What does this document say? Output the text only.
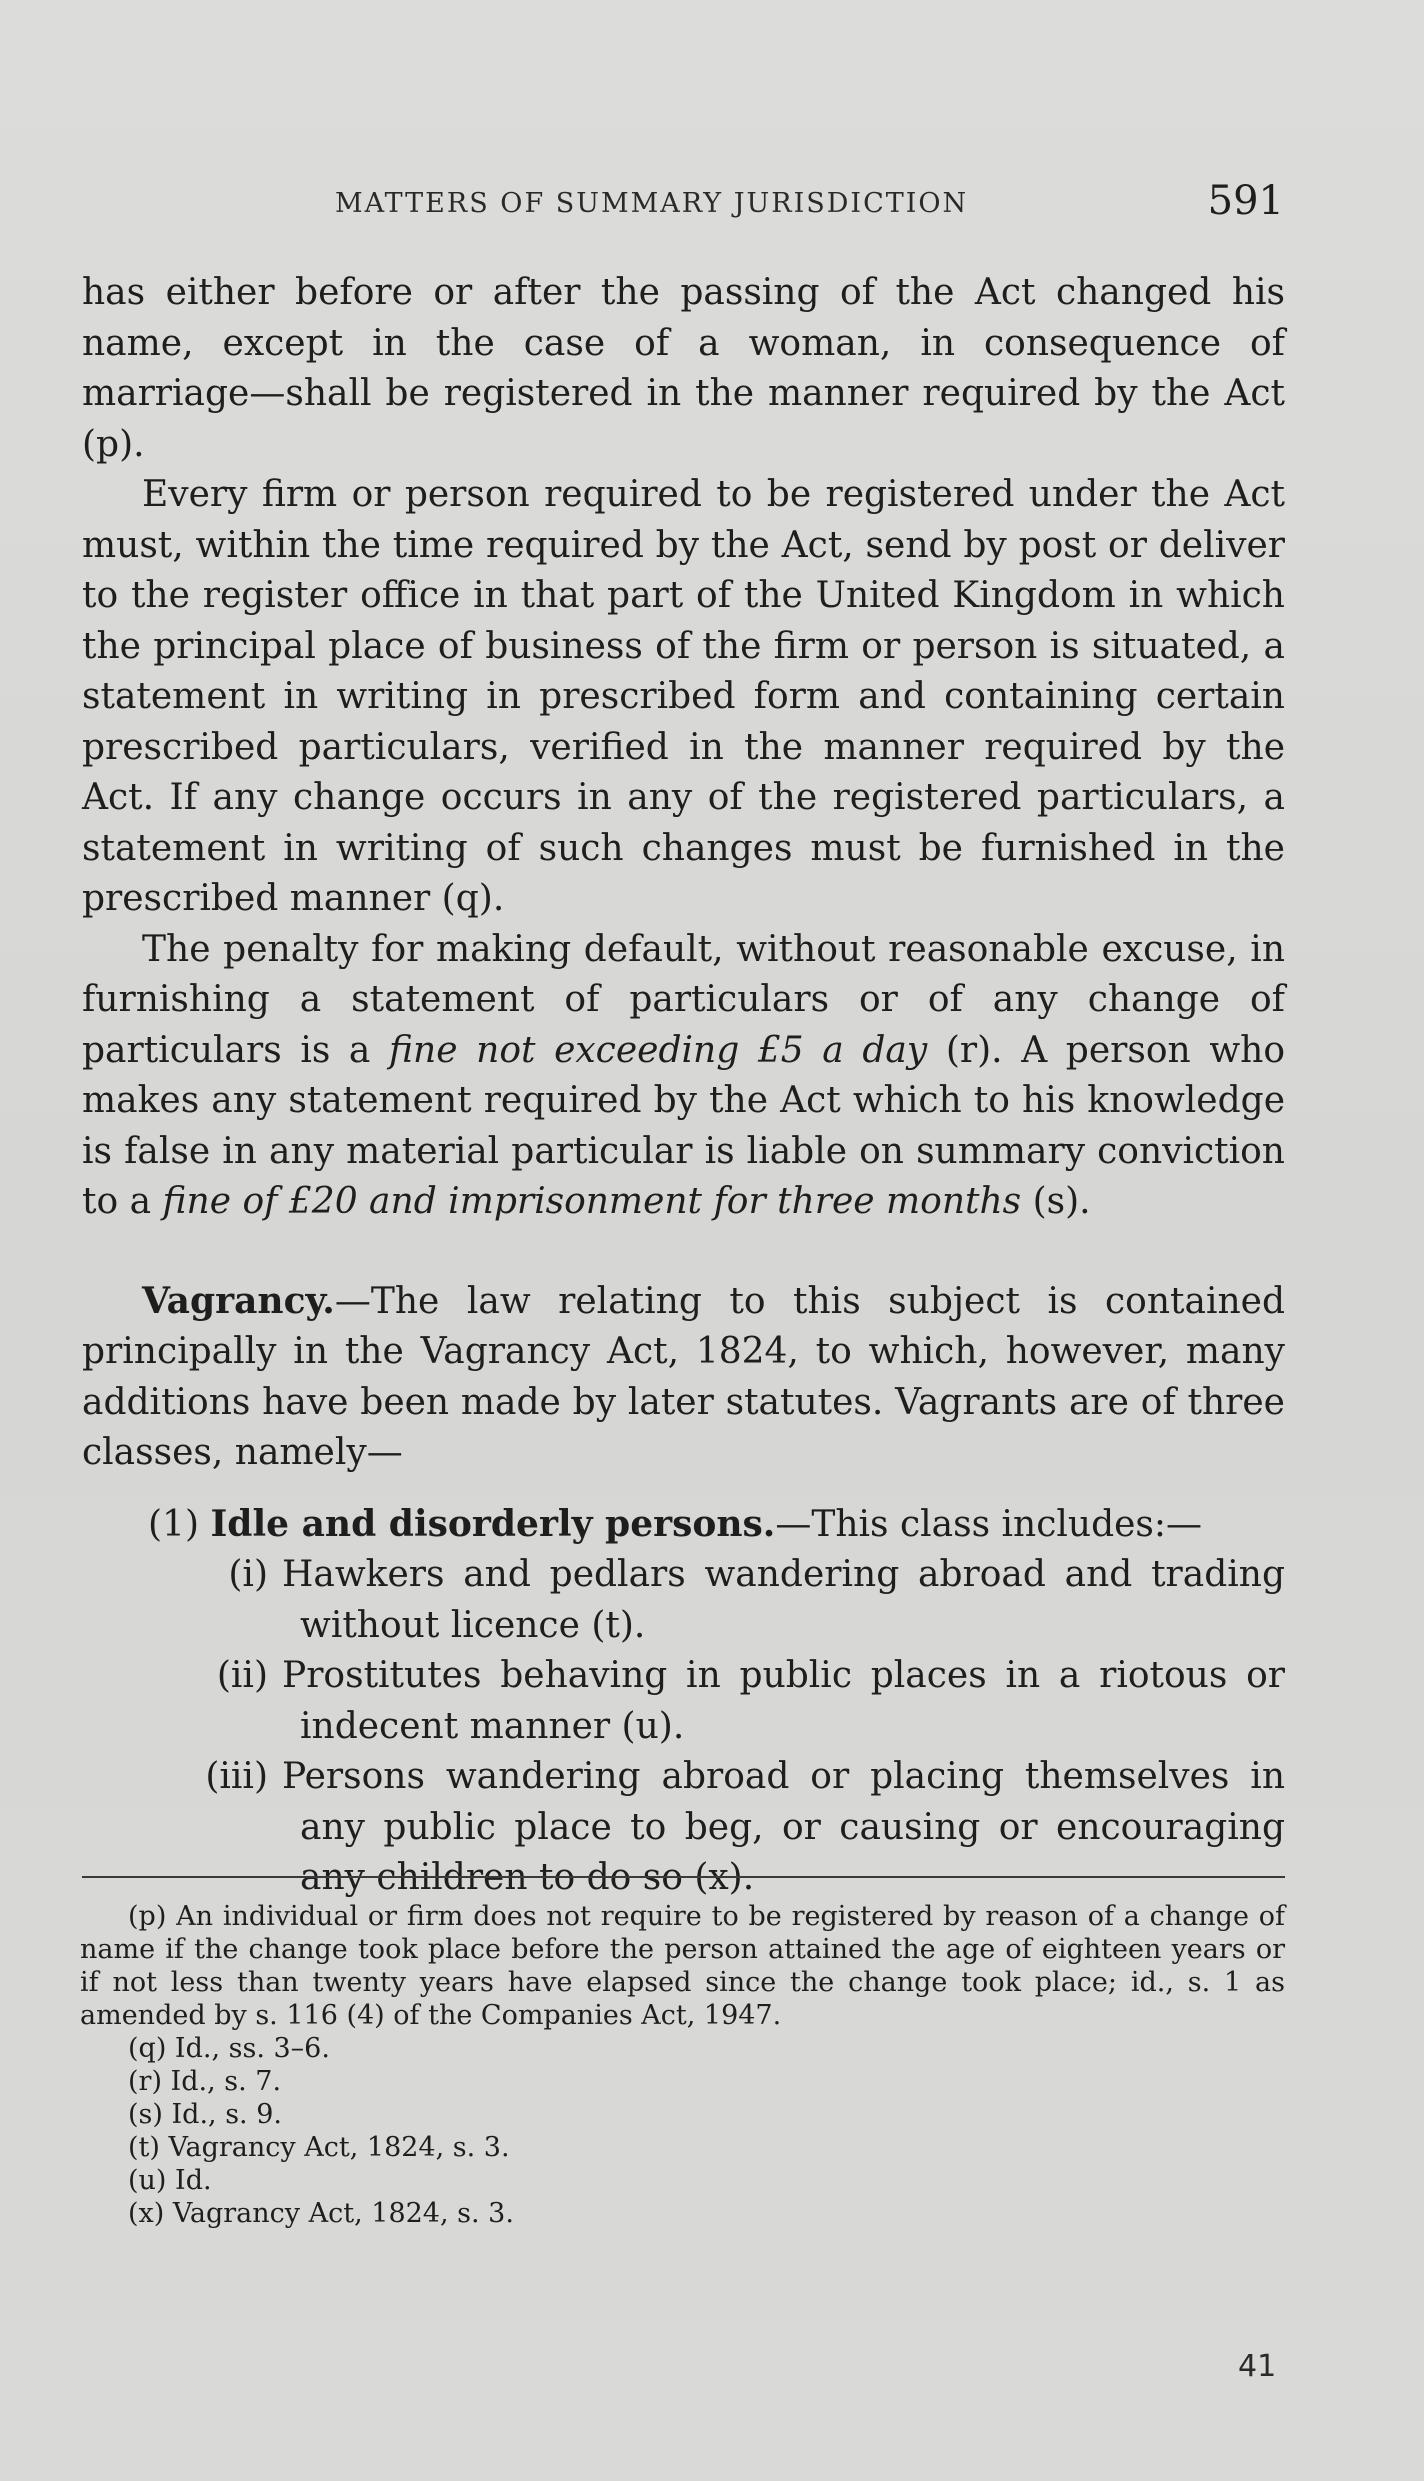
MATTERS OF SUMMARY JURISDICTION	591

has either before or after the passing of the Act changed his name, except in the case of a woman, in consequence of marriage—shall be registered in the manner required by the Act (p).

Every firm or person required to be registered under the Act must, within the time required by the Act, send by post or deliver to the register office in that part of the United Kingdom in which the principal place of business of the firm or person is situated, a statement in writing in prescribed form and containing certain prescribed particulars, verified in the manner required by the Act. If any change occurs in any of the registered particulars, a statement in writing of such changes must be furnished in the prescribed manner (q).

The penalty for making default, without reasonable excuse, in furnishing a statement of particulars or of any change of particulars is a fine not exceeding £5 a day (r). A person who makes any statement required by the Act which to his knowledge is false in any material particular is liable on summary conviction to a fine of £20 and imprisonment for three months (s).

Vagrancy.—The law relating to this subject is contained principally in the Vagrancy Act, 1824, to which, however, many additions have been made by later statutes. Vagrants are of three classes, namely—

(1) Idle and disorderly persons.—This class includes:—

(i) Hawkers and pedlars wandering abroad and trading without licence (t).

(ii) Prostitutes behaving in public places in a riotous or indecent manner (u).

(iii) Persons wandering abroad or placing themselves in any public place to beg, or causing or encouraging any children to do so (x).

(p) An individual or firm does not require to be registered by reason of a change of name if the change took place before the person attained the age of eighteen years or if not less than twenty years have elapsed since the change took place; id., s. 1 as amended by s. 116 (4) of the Companies Act, 1947.

(q) Id., ss. 3–6.

(r) Id., s. 7.

(s) Id., s. 9.

(t) Vagrancy Act, 1824, s. 3.

(u) Id.

(x) Vagrancy Act, 1824, s. 3.

41
